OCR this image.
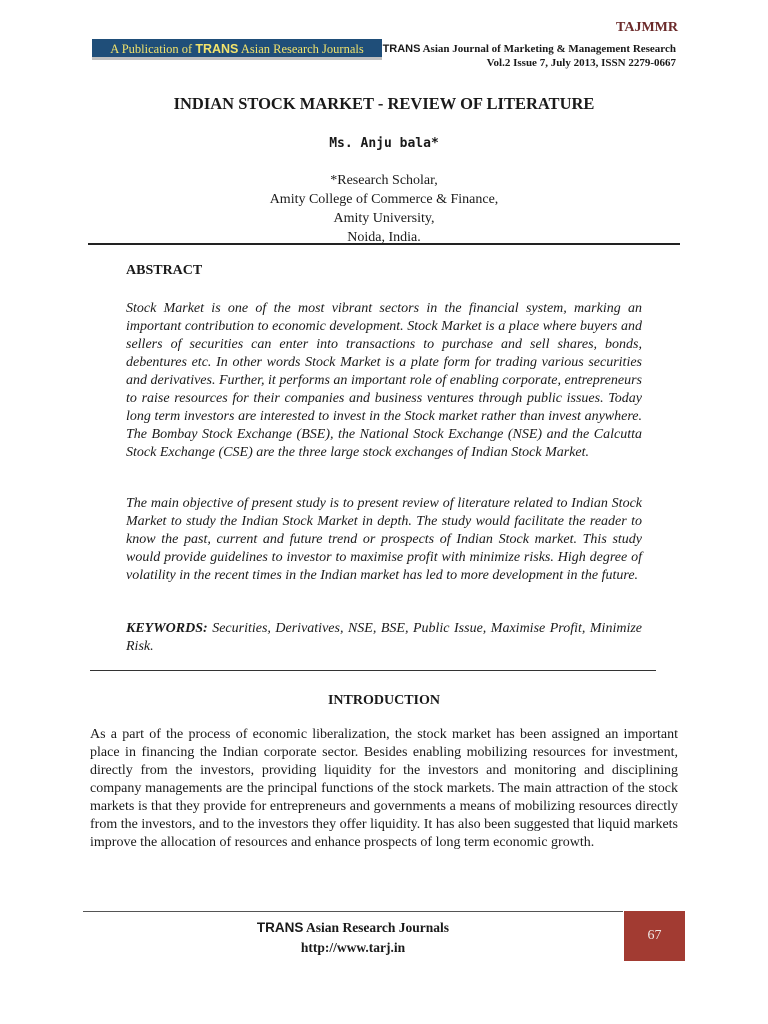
TAJMMR
A Publication of TRANS Asian Research Journals	TRANS Asian Journal of Marketing & Management Research
Vol.2 Issue 7, July 2013, ISSN 2279-0667
INDIAN STOCK MARKET - REVIEW OF LITERATURE
Ms. Anju bala*
*Research Scholar,
Amity College of Commerce & Finance,
Amity University,
Noida, India.
ABSTRACT
Stock Market is one of the most vibrant sectors in the financial system, marking an important contribution to economic development. Stock Market is a place where buyers and sellers of securities can enter into transactions to purchase and sell shares, bonds, debentures etc. In other words Stock Market is a plate form for trading various securities and derivatives. Further, it performs an important role of enabling corporate, entrepreneurs to raise resources for their companies and business ventures through public issues. Today long term investors are interested to invest in the Stock market rather than invest anywhere. The Bombay Stock Exchange (BSE), the National Stock Exchange (NSE) and the Calcutta Stock Exchange (CSE) are the three large stock exchanges of Indian Stock Market.
The main objective of present study is to present review of literature related to Indian Stock Market to study the Indian Stock Market in depth. The study would facilitate the reader to know the past, current and future trend or prospects of Indian Stock market. This study would provide guidelines to investor to maximise profit with minimize risks. High degree of volatility in the recent times in the Indian market has led to more development in the future.
KEYWORDS: Securities, Derivatives, NSE, BSE, Public Issue, Maximise Profit, Minimize Risk.
INTRODUCTION
As a part of the process of economic liberalization, the stock market has been assigned an important place in financing the Indian corporate sector. Besides enabling mobilizing resources for investment, directly from the investors, providing liquidity for the investors and monitoring and disciplining company managements are the principal functions of the stock markets. The main attraction of the stock markets is that they provide for entrepreneurs and governments a means of mobilizing resources directly from the investors, and to the investors they offer liquidity. It has also been suggested that liquid markets improve the allocation of resources and enhance prospects of long term economic growth.
TRANS Asian Research Journals
http://www.tarj.in
67
